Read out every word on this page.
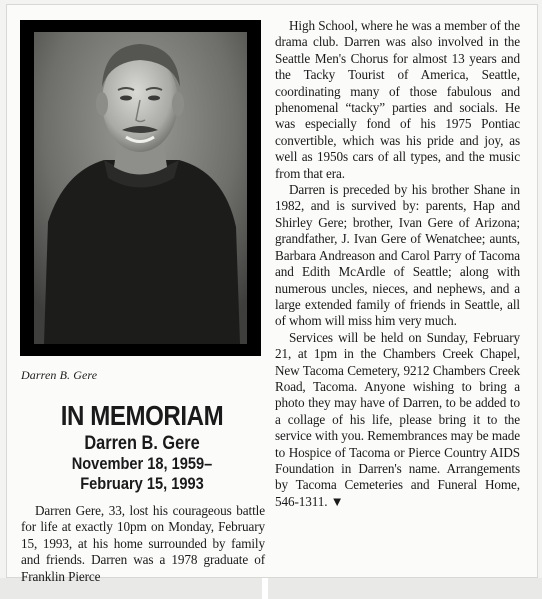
Darren B. Gere
IN MEMORIAM
Darren B. Gere
November 18, 1959–
February 15, 1993

Darren Gere, 33, lost his courageous battle for life at exactly 10pm on Monday, February 15, 1993, at his home surrounded by family and friends. Darren was a 1978 graduate of Franklin Pierce

High School, where he was a member of the drama club. Darren was also involved in the Seattle Men's Chorus for almost 13 years and the Tacky Tourist of America, Seattle, coordinating many of those fabulous and phenomenal “tacky” parties and socials. He was especially fond of his 1975 Pontiac convertible, which was his pride and joy, as well as 1950s cars of all types, and the music from that era.

Darren is preceded by his brother Shane in 1982, and is survived by: parents, Hap and Shirley Gere; brother, Ivan Gere of Arizona; grandfather, J. Ivan Gere of Wenatchee; aunts, Barbara Andreason and Carol Parry of Tacoma and Edith McArdle of Seattle; along with numerous uncles, nieces, and nephews, and a large extended family of friends in Seattle, all of whom will miss him very much.

Services will be held on Sunday, February 21, at 1pm in the Chambers Creek Chapel, New Tacoma Cemetery, 9212 Chambers Creek Road, Tacoma. Anyone wishing to bring a photo they may have of Darren, to be added to a collage of his life, please bring it to the service with you. Remembrances may be made to Hospice of Tacoma or Pierce Country AIDS Foundation in Darren's name. Arrangements by Tacoma Cemeteries and Funeral Home, 546-1311. ▼
